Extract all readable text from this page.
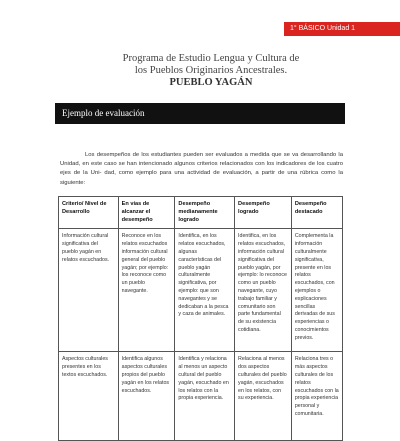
1° BÁSICO Unidad 1
Programa de Estudio Lengua y Cultura de
los Pueblos Originarios Ancestrales.
PUEBLO YAGÁN
Ejemplo de evaluación

Los desempeños de los estudiantes pueden ser evaluados a medida que se va desarrollando la Unidad, en este caso se han intencionado algunos criterios relacionados con los indicadores de los cuatro ejes de la Uni- dad, como ejemplo para una actividad de evaluación, a partir de una rúbrica como la siguiente:

Criterio/ Nivel de Desarrollo	En vías de alcanzar el desempeño	Desempeño medianamente logrado	Desempeño logrado	Desempeño destacado
Información cultural significativa del pueblo yagán en relatos escuchados.	Reconoce en los relatos escuchados información cultural general del pueblo yagán; por ejemplo: los reconoce como un pueblo navegante.	Identifica, en los relatos escuchados, algunas características del pueblo yagán culturalmente significativa, por ejemplo: que son navegantes y se dedicaban a la pesca y caza de animales.	Identifica, en los relatos escuchados, información cultural significativa del pueblo yagán, por ejemplo: lo reconoce como un pueblo navegante, cuyo trabajo familiar y comunitario son parte fundamental de su existencia cotidiana.	Complementa la información culturalmente significativa, presente en los relatos escuchados, con ejemplos o explicaciones sencillas derivadas de sus experiencias o conocimientos previos.
Aspectos culturales presentes en los textos escuchados.	Identifica algunos aspectos culturales propios del pueblo yagán en los relatos escuchados.	Identifica y relaciona al menos un aspecto cultural del pueblo yagán, escuchado en los relatos con la propia experiencia.	Relaciona al menos dos aspectos culturales del pueblo yagán, escuchados en los relatos, con su experiencia.	Relaciona tres o más aspectos culturales de los relatos escuchados con la propia experiencia personal y comunitaria.
